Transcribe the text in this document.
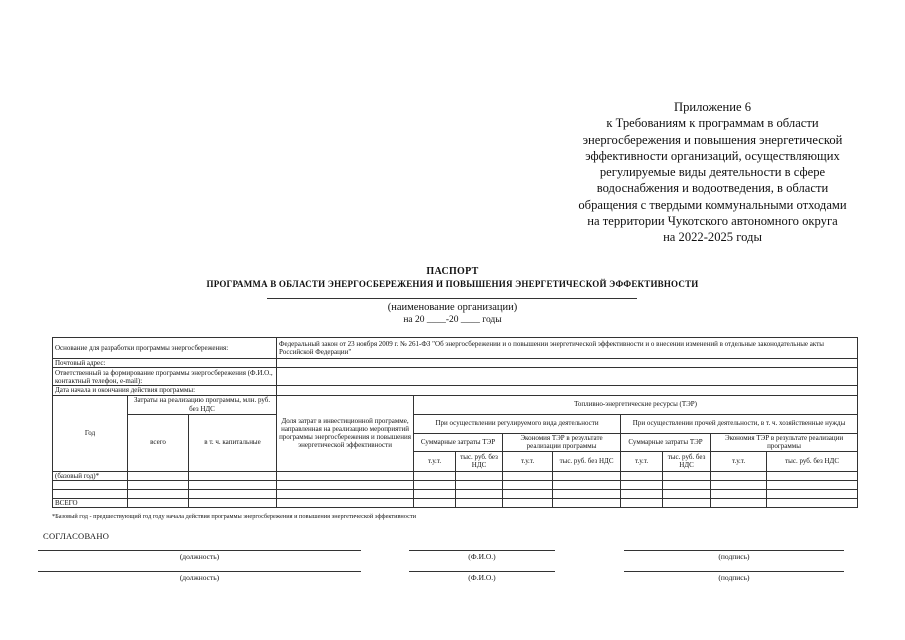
Приложение 6
к Требованиям к программам в области
энергосбережения и повышения энергетической
эффективности организаций, осуществляющих
регулируемые виды деятельности в сфере
водоснабжения и водоотведения, в области
обращения с твердыми коммунальными отходами
на территории Чукотского автономного округа
на 2022-2025 годы
ПАСПОРТ
ПРОГРАММА В ОБЛАСТИ ЭНЕРГОСБЕРЕЖЕНИЯ И ПОВЫШЕНИЯ ЭНЕРГЕТИЧЕСКОЙ ЭФФЕКТИВНОСТИ
(наименование организации)
на 20 ____-20 ____ годы
Основание для разработки программы энергосбережения:			Федеральный закон от 23 ноября 2009 г. № 261-ФЗ "Об энергосбережении и о повышении энергетической эффективности и о внесении изменений в отдельные законодательные акты Российской Федерации"								
Почтовый адрес:											
Ответственный за формирование программы энергосбережения (Ф.И.О., контактный телефон, e-mail):											
Дата начала и окончания действия программы:											
Год	Затраты на реализацию программы, млн. руб. без НДС		Доля затрат в инвестиционной программе, направленная на реализацию мероприятий программы энергосбережения и повышения энергетической эффективности	Топливно-энергетические ресурсы (ТЭР)							
	всего	в т. ч. капитальные		При осуществлении регулируемого вида деятельности				При осуществлении прочей деятельности, в т. ч. хозяйственные нужды			
				Суммарные затраты ТЭР		Экономия ТЭР в результате реализации программы		Суммарные затраты ТЭР		Экономия ТЭР в результате реализации программы	

				т.у.т.	тыс. руб. без НДС	т.у.т.	тыс. руб. без НДС	т.у.т.	тыс. руб. без НДС	т.у.т.	тыс. руб. без НДС
(базовый год)*											

ВСЕГО											
*Базовый год - предшествующий год году начала действия программы энергосбережения и повышения энергетической эффективности
СОГЛАСОВАНО
(должность)	(Ф.И.О.)	(подпись)
(должность)	(Ф.И.О.)	(подпись)
